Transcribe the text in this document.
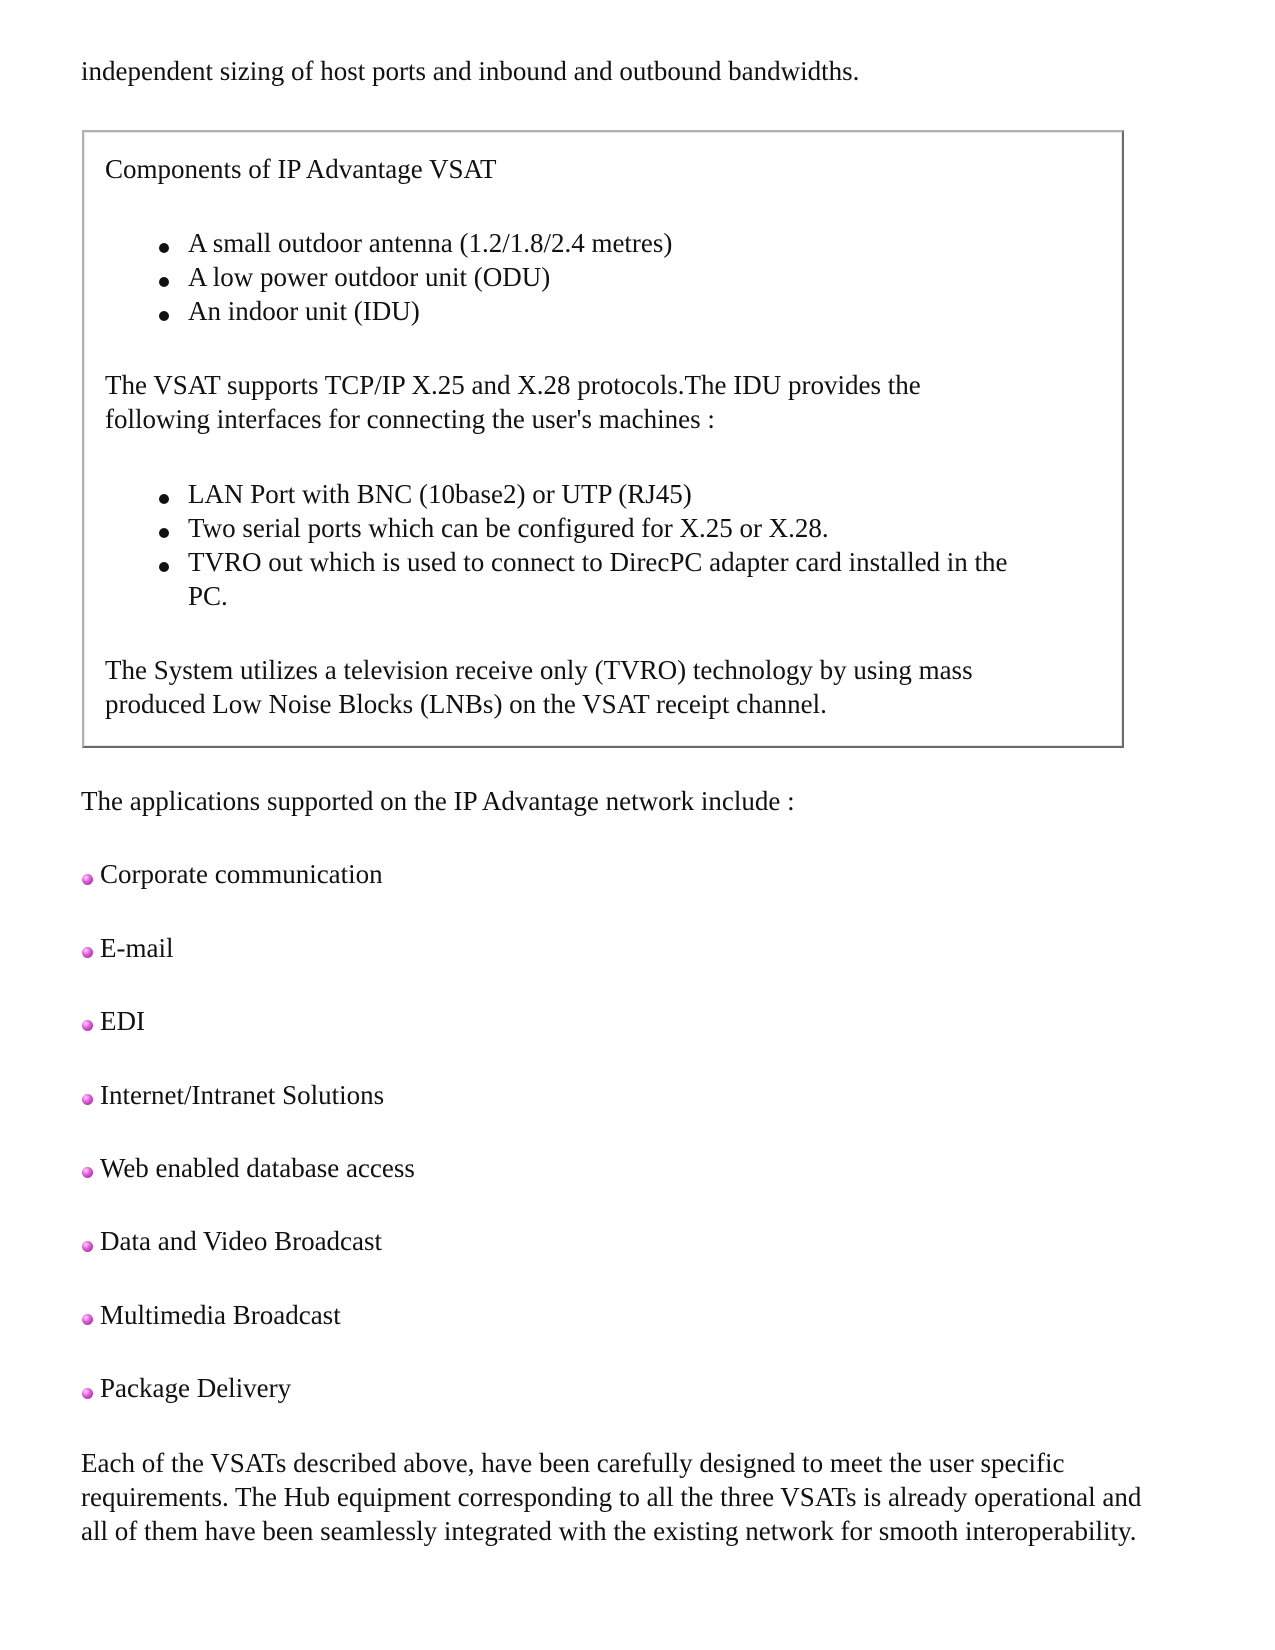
independent sizing of host ports and inbound and outbound bandwidths.

Components of IP Advantage VSAT

A small outdoor antenna (1.2/1.8/2.4 metres)

A low power outdoor unit (ODU)

An indoor unit (IDU)

The VSAT supports TCP/IP X.25 and X.28 protocols.The IDU provides the

following interfaces for connecting the user's machines :

LAN Port with BNC (10base2) or UTP (RJ45)

Two serial ports which can be configured for X.25 or X.28.

TVRO out which is used to connect to DirecPC adapter card installed in the

PC.

The System utilizes a television receive only (TVRO) technology by using mass

produced Low Noise Blocks (LNBs) on the VSAT receipt channel.

The applications supported on the IP Advantage network include :

Corporate communication

E-mail

EDI

Internet/Intranet Solutions

Web enabled database access

Data and Video Broadcast

Multimedia Broadcast

Package Delivery

Each of the VSATs described above, have been carefully designed to meet the user specific

requirements. The Hub equipment corresponding to all the three VSATs is already operational and

all of them have been seamlessly integrated with the existing network for smooth interoperability.
